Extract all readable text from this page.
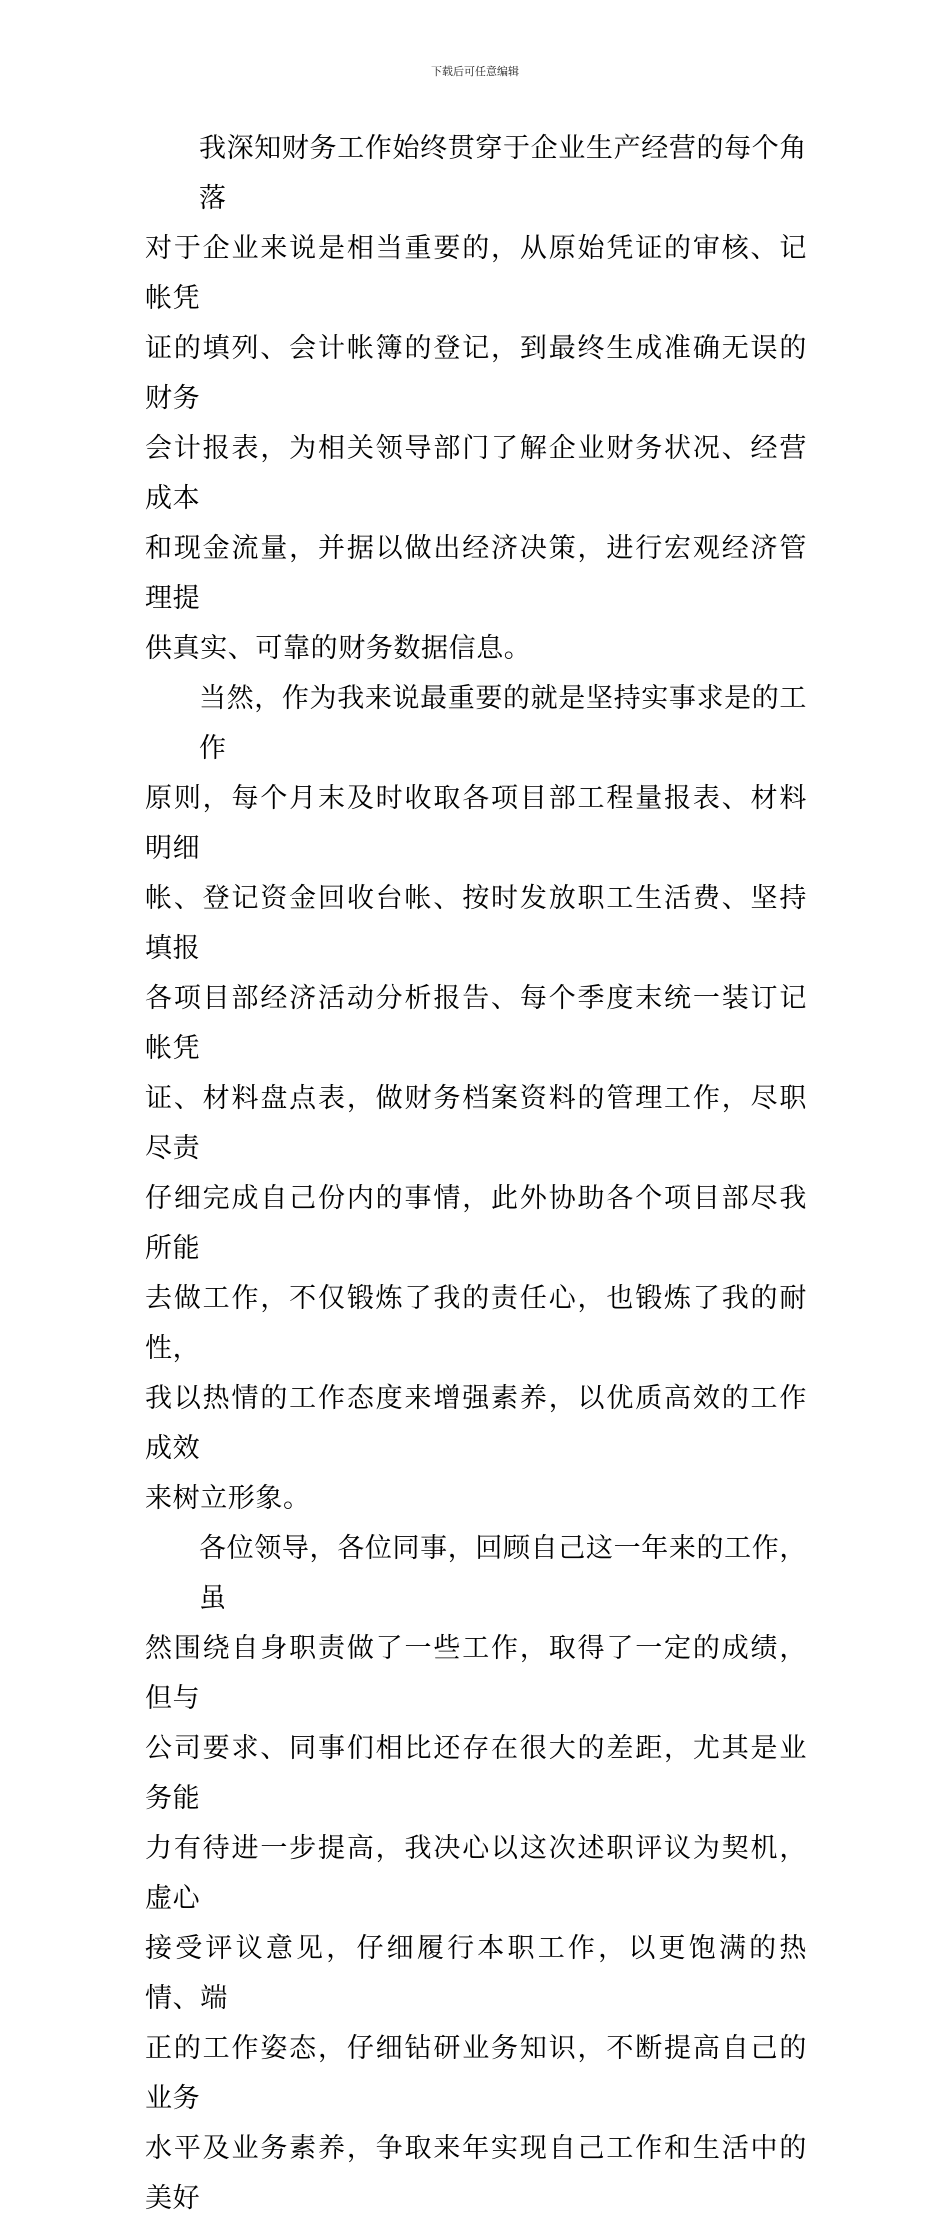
下载后可任意编辑

我深知财务工作始终贯穿于企业生产经营的每个角落
对于企业来说是相当重要的，从原始凭证的审核、记帐凭
证的填列、会计帐簿的登记，到最终生成准确无误的财务
会计报表，为相关领导部门了解企业财务状况、经营成本
和现金流量，并据以做出经济决策，进行宏观经济管理提
供真实、可靠的财务数据信息。

当然，作为我来说最重要的就是坚持实事求是的工作
原则，每个月末及时收取各项目部工程量报表、材料明细
帐、登记资金回收台帐、按时发放职工生活费、坚持填报
各项目部经济活动分析报告、每个季度末统一装订记帐凭
证、材料盘点表，做财务档案资料的管理工作，尽职尽责
仔细完成自己份内的事情，此外协助各个项目部尽我所能
去做工作，不仅锻炼了我的责任心，也锻炼了我的耐性，
我以热情的工作态度来增强素养，以优质高效的工作成效
来树立形象。

各位领导，各位同事，回顾自己这一年来的工作，虽
然围绕自身职责做了一些工作，取得了一定的成绩，但与
公司要求、同事们相比还存在很大的差距，尤其是业务能
力有待进一步提高，我决心以这次述职评议为契机，虚心
接受评议意见，仔细履行本职工作，以更饱满的热情、端
正的工作姿态，仔细钻研业务知识，不断提高自己的业务
水平及业务素养，争取来年实现自己工作和生活中的美好
